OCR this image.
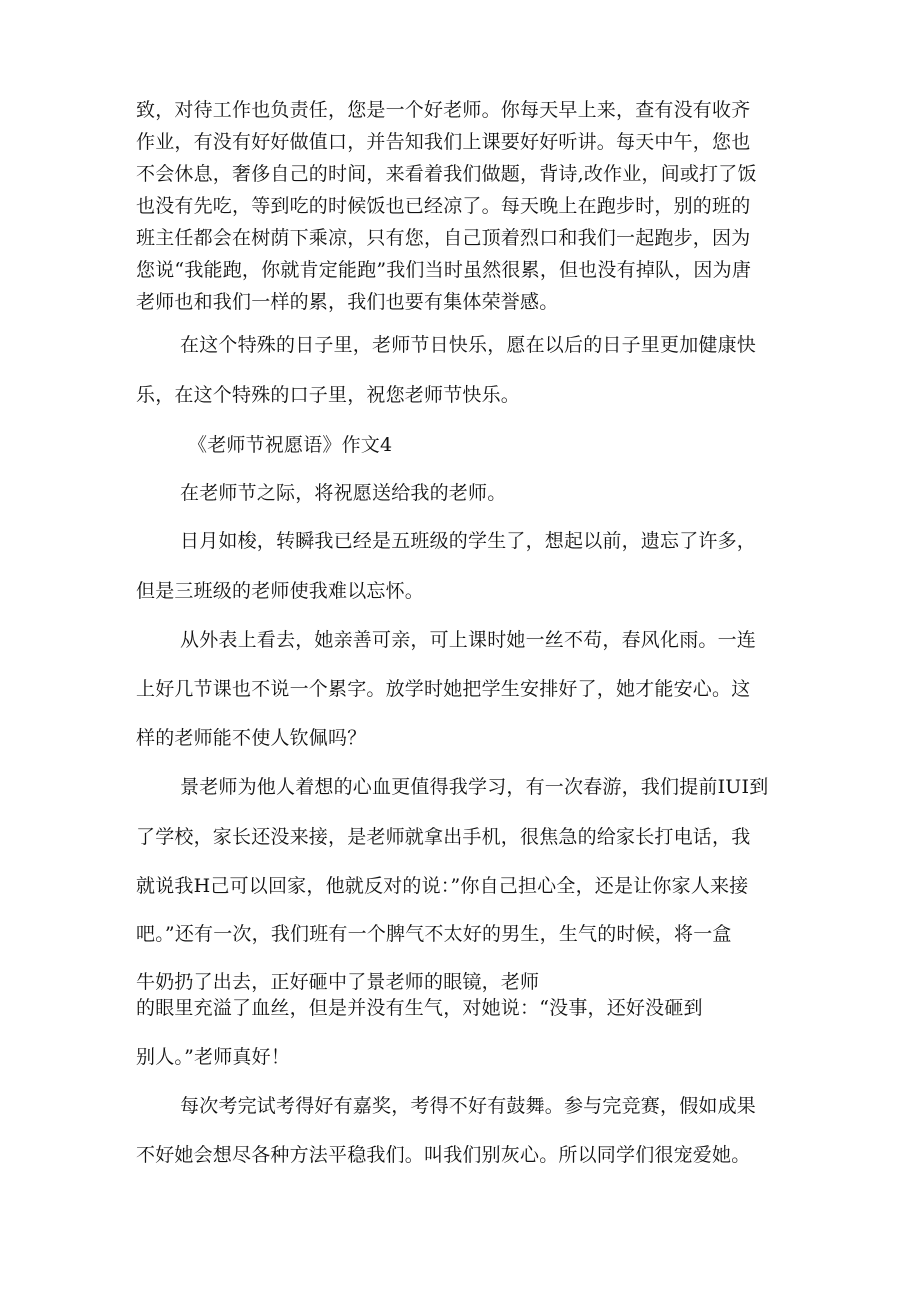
致，对待工作也负责任，您是一个好老师。你每天早上来，查有没有收齐
作业，有没有好好做值口，并告知我们上课要好好听讲。每天中午，您也
不会休息，奢侈自己的时间，来看着我们做题，背诗,改作业，间或打了饭
也没有先吃，等到吃的时候饭也已经凉了。每天晚上在跑步时，别的班的
班主任都会在树荫下乘凉，只有您，自己顶着烈口和我们一起跑步，因为
您说“我能跑，你就肯定能跑”我们当时虽然很累，但也没有掉队，因为唐
老师也和我们一样的累，我们也要有集体荣誉感。
在这个特殊的日子里，老师节日快乐，愿在以后的日子里更加健康快
乐，在这个特殊的口子里，祝您老师节快乐。
《老师节祝愿语》作文4
在老师节之际，将祝愿送给我的老师。
日月如梭，转瞬我已经是五班级的学生了，想起以前，遗忘了许多，
但是三班级的老师使我难以忘怀。
从外表上看去，她亲善可亲，可上课时她一丝不苟，春风化雨。一连
上好几节课也不说一个累字。放学时她把学生安排好了，她才能安心。这
样的老师能不使人钦佩吗？
景老师为他人着想的心血更值得我学习，有一次春游，我们提前IUI到
了学校，家长还没来接，是老师就拿出手机，很焦急的给家长打电话，我
就说我H己可以回家，他就反对的说：”你自己担心全，还是让你家人来接
吧。”还有一次，我们班有一个脾气不太好的男生，生气的时候，将一盒
牛奶扔了出去，正好砸中了景老师的眼镜，老师
的眼里充溢了血丝，但是并没有生气，对她说：“没事，还好没砸到
别人。”老师真好！
每次考完试考得好有嘉奖，考得不好有鼓舞。参与完竞赛，假如成果
不好她会想尽各种方法平稳我们。叫我们别灰心。所以同学们很宠爱她。
